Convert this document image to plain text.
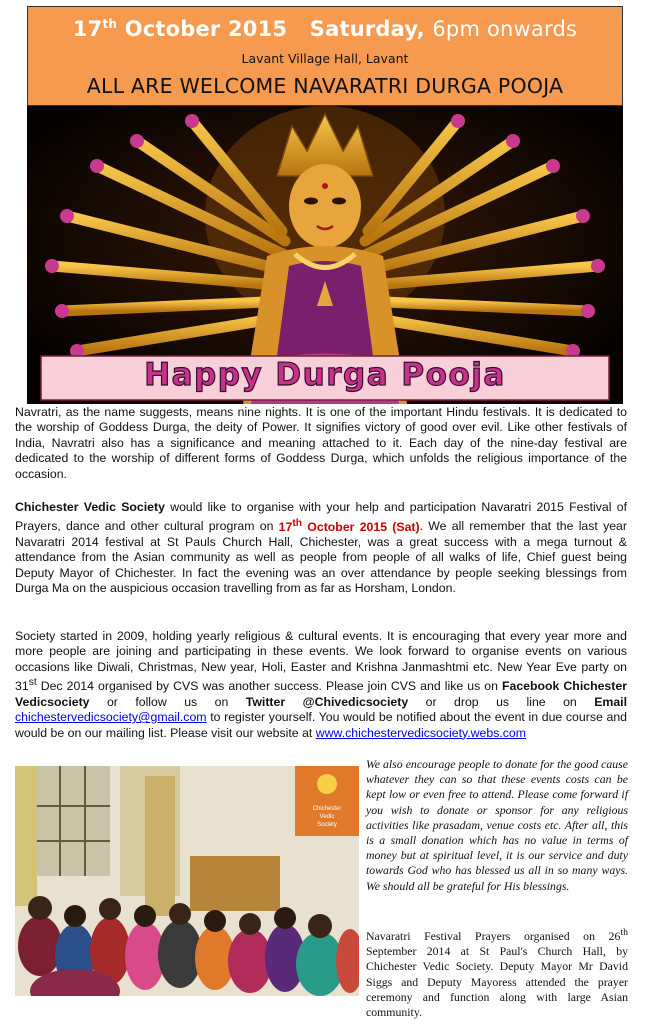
17th October 2015 Saturday, 6pm onwards
Lavant Village Hall, Lavant
ALL ARE WELCOME NAVARATRI DURGA POOJA
Happy Durga Pooja
Navratri, as the name suggests, means nine nights. It is one of the important Hindu festivals. It is dedicated to the worship of Goddess Durga, the deity of Power. It signifies victory of good over evil. Like other festivals of India, Navratri also has a significance and meaning attached to it. Each day of the nine-day festival are dedicated to the worship of different forms of Goddess Durga, which unfolds the religious importance of the occasion.
Chichester Vedic Society would like to organise with your help and participation Navaratri 2015 Festival of Prayers, dance and other cultural program on 17th October 2015 (Sat). We all remember that the last year Navaratri 2014 festival at St Pauls Church Hall, Chichester, was a great success with a mega turnout & attendance from the Asian community as well as people from people of all walks of life, Chief guest being Deputy Mayor of Chichester. In fact the evening was an over attendance by people seeking blessings from Durga Ma on the auspicious occasion travelling from as far as Horsham, London.
Society started in 2009, holding yearly religious & cultural events. It is encouraging that every year more and more people are joining and participating in these events. We look forward to organise events on various occasions like Diwali, Christmas, New year, Holi, Easter and Krishna Janmashtmi etc. New Year Eve party on 31st Dec 2014 organised by CVS was another success. Please join CVS and like us on Facebook Chichester Vedicsociety or follow us on Twitter @Chivedicsociety or drop us line on Email chichestervedicsociety@gmail.com to register yourself. You would be notified about the event in due course and would be on our mailing list. Please visit our website at www.chichestervedicsociety.webs.com
Chichester
Vedic
Society
We also encourage people to donate for the good cause whatever they can so that these events costs can be kept low or even free to attend. Please come forward if you wish to donate or sponsor for any religious activities like prasadam, venue costs etc. After all, this is a small donation which has no value in terms of money but at spiritual level, it is our service and duty towards God who has blessed us all in so many ways. We should all be grateful for His blessings.
Navaratri Festival Prayers organised on 26th September 2014 at St Paul's Church Hall, by Chichester Vedic Society. Deputy Mayor Mr David Siggs and Deputy Mayoress attended the prayer ceremony and function along with large Asian community.
